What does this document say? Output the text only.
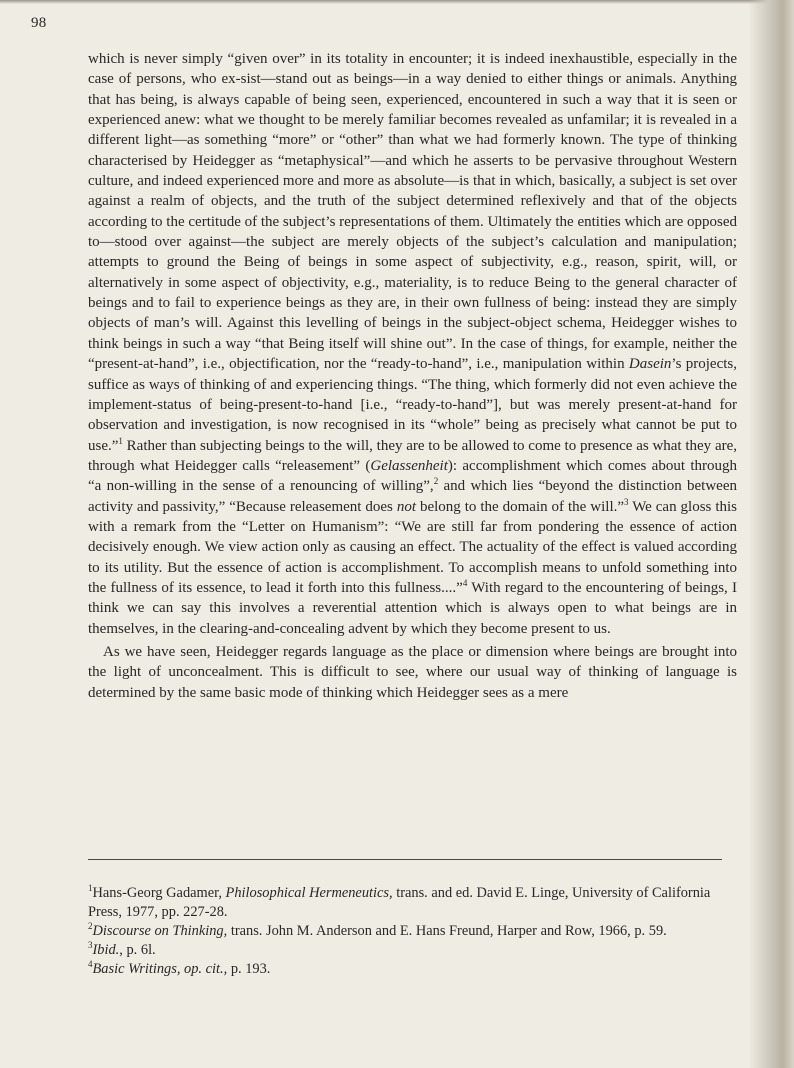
98

which is never simply “given over” in its totality in encounter; it is indeed inexhaustible, especially in the case of persons, who ex-sist—stand out as beings—in a way denied to either things or animals. Anything that has being, is always capable of being seen, experienced, encountered in such a way that it is seen or experienced anew: what we thought to be merely familiar becomes revealed as unfamilar; it is revealed in a different light—as something “more” or “other” than what we had formerly known. The type of thinking characterised by Heidegger as “metaphysical”—and which he asserts to be pervasive throughout Western culture, and indeed experienced more and more as absolute—is that in which, basically, a subject is set over against a realm of objects, and the truth of the subject determined reflexively and that of the objects according to the certitude of the subject’s representations of them. Ultimately the entities which are opposed to—stood over against—the subject are merely objects of the subject’s calculation and manipulation; attempts to ground the Being of beings in some aspect of subjectivity, e.g., reason, spirit, will, or alternatively in some aspect of objectivity, e.g., materiality, is to reduce Being to the general character of beings and to fail to experience beings as they are, in their own fullness of being: instead they are simply objects of man’s will. Against this levelling of beings in the subject-object schema, Heidegger wishes to think beings in such a way “that Being itself will shine out”. In the case of things, for example, neither the “present-at-hand”, i.e., objectification, nor the “ready-to-hand”, i.e., manipulation within Dasein’s projects, suffice as ways of thinking of and experiencing things. “The thing, which formerly did not even achieve the implement-status of being-present-to-hand [i.e., “ready-to-hand”], but was merely present-at-hand for observation and investigation, is now recognised in its “whole” being as precisely what cannot be put to use.”$^1$ Rather than subjecting beings to the will, they are to be allowed to come to presence as what they are, through what Heidegger calls “releasement” (Gelassenheit): accomplishment which comes about through “a non-willing in the sense of a renouncing of willing”,$^2$ and which lies “beyond the distinction between activity and passivity,” “Because releasement does not belong to the domain of the will.”$^3$ We can gloss this with a remark from the “Letter on Humanism”: “We are still far from pondering the essence of action decisively enough. We view action only as causing an effect. The actuality of the effect is valued according to its utility. But the essence of action is accomplishment. To accomplish means to unfold something into the fullness of its essence, to lead it forth into this fullness....”$^4$ With regard to the encountering of beings, I think we can say this involves a reverential attention which is always open to what beings are in themselves, in the clearing-and-concealing advent by which they become present to us.

As we have seen, Heidegger regards language as the place or dimension where beings are brought into the light of unconcealment. This is difficult to see, where our usual way of thinking of language is determined by the same basic mode of thinking which Heidegger sees as a mere

$^1$Hans-Georg Gadamer, Philosophical Hermeneutics, trans. and ed. David E. Linge, University of California Press, 1977, pp. 227-28.

$^2$Discourse on Thinking, trans. John M. Anderson and E. Hans Freund, Harper and Row, 1966, p. 59.

$^3$Ibid., p. 6l.

$^4$Basic Writings, op. cit., p. 193.
